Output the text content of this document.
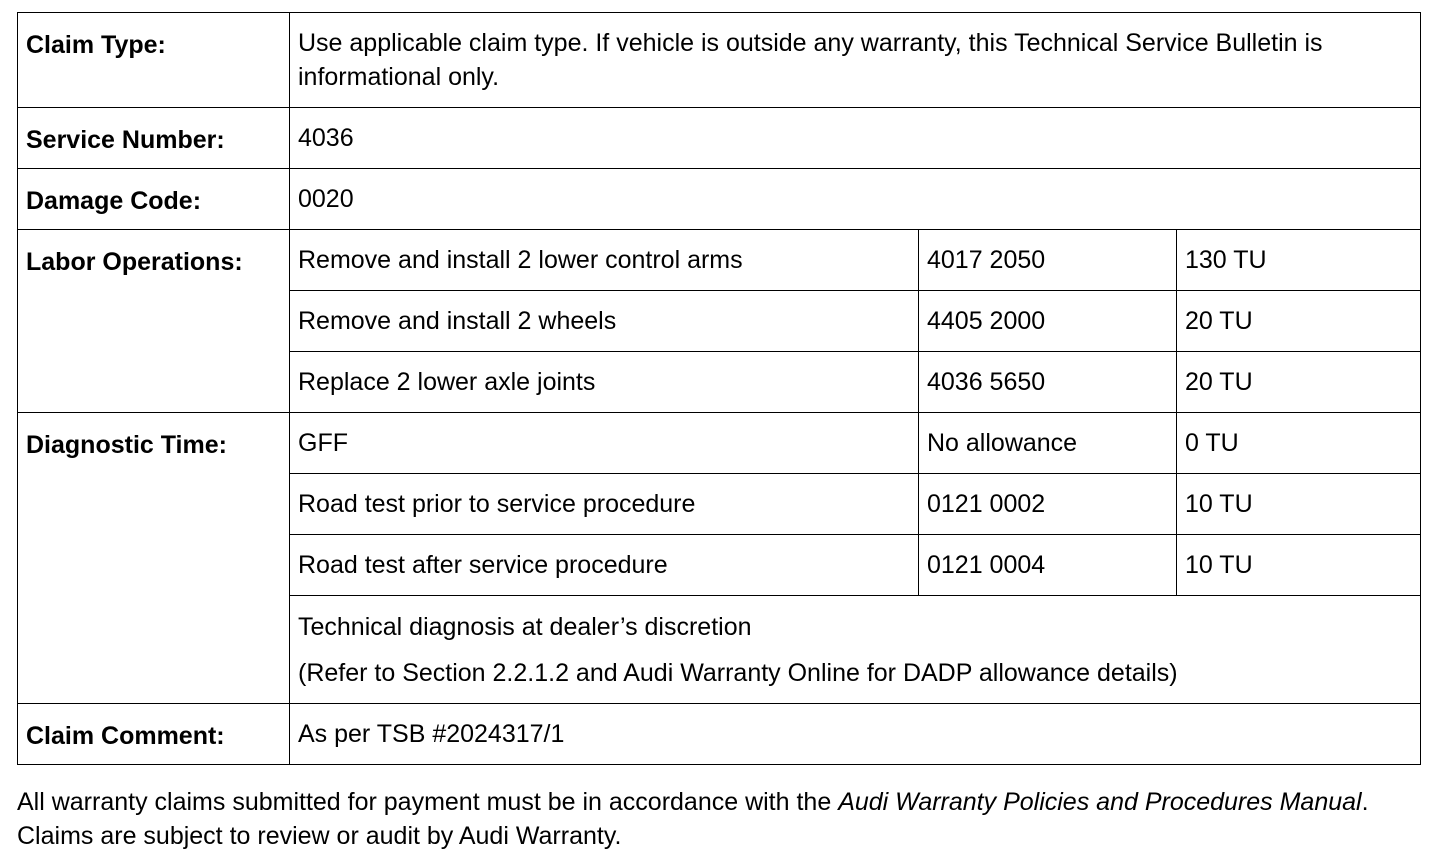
Claim Type:	Use applicable claim type. If vehicle is outside any warranty, this Technical Service Bulletin is informational only.		
Service Number:	4036		
Damage Code:	0020		
Labor Operations:	Remove and install 2 lower control arms	4017 2050	130 TU
	Remove and install 2 wheels	4405 2000	20 TU
	Replace 2 lower axle joints	4036 5650	20 TU
Diagnostic Time:	GFF	No allowance	0 TU
	Road test prior to service procedure	0121 0002	10 TU
	Road test after service procedure	0121 0004	10 TU

	Technical diagnosis at dealer’s discretion
(Refer to Section 2.2.1.2 and Audi Warranty Online for DADP allowance details)		

Claim Comment:	As per TSB #2024317/1		
All warranty claims submitted for payment must be in accordance with the Audi Warranty Policies and Procedures Manual. Claims are subject to review or audit by Audi Warranty.
